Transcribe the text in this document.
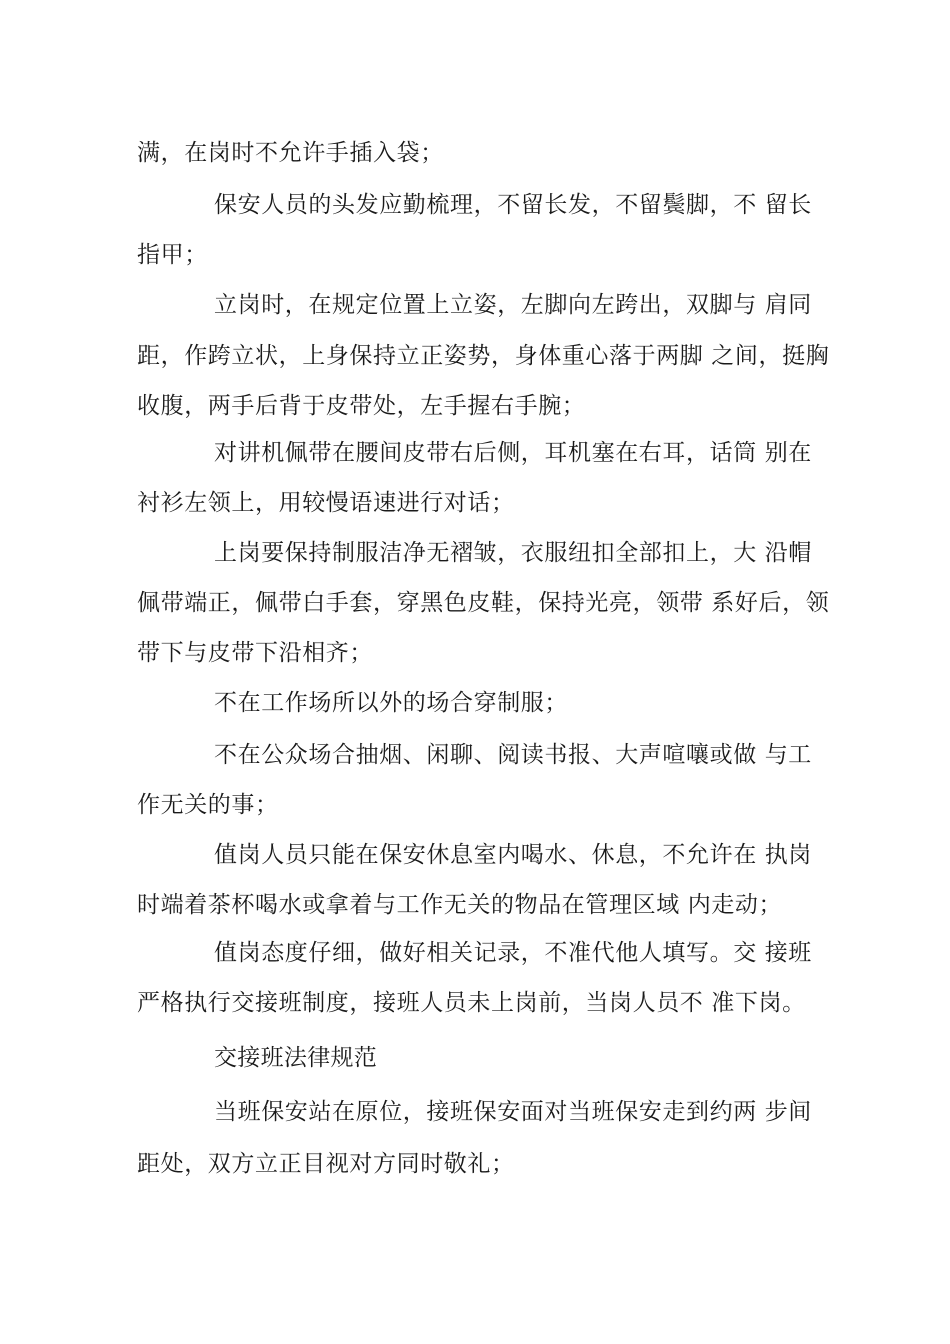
满，在岗时不允许手插入袋；
保安人员的头发应勤梳理，不留长发，不留鬓脚，不 留长
指甲；
立岗时，在规定位置上立姿，左脚向左跨出，双脚与 肩同
距，作跨立状，上身保持立正姿势，身体重心落于两脚 之间，挺胸
收腹，两手后背于皮带处，左手握右手腕；
对讲机佩带在腰间皮带右后侧，耳机塞在右耳，话筒 别在
衬衫左领上，用较慢语速进行对话；
上岗要保持制服洁净无褶皱，衣服纽扣全部扣上，大 沿帽
佩带端正，佩带白手套，穿黑色皮鞋，保持光亮，领带 系好后，领
带下与皮带下沿相齐；
不在工作场所以外的场合穿制服；
不在公众场合抽烟、闲聊、阅读书报、大声喧嚷或做 与工
作无关的事；
值岗人员只能在保安休息室内喝水、休息，不允许在 执岗
时端着茶杯喝水或拿着与工作无关的物品在管理区域 内走动；
值岗态度仔细，做好相关记录，不准代他人填写。交 接班
严格执行交接班制度，接班人员未上岗前，当岗人员不 准下岗。
交接班法律规范
当班保安站在原位，接班保安面对当班保安走到约两 步间
距处，双方立正目视对方同时敬礼；
